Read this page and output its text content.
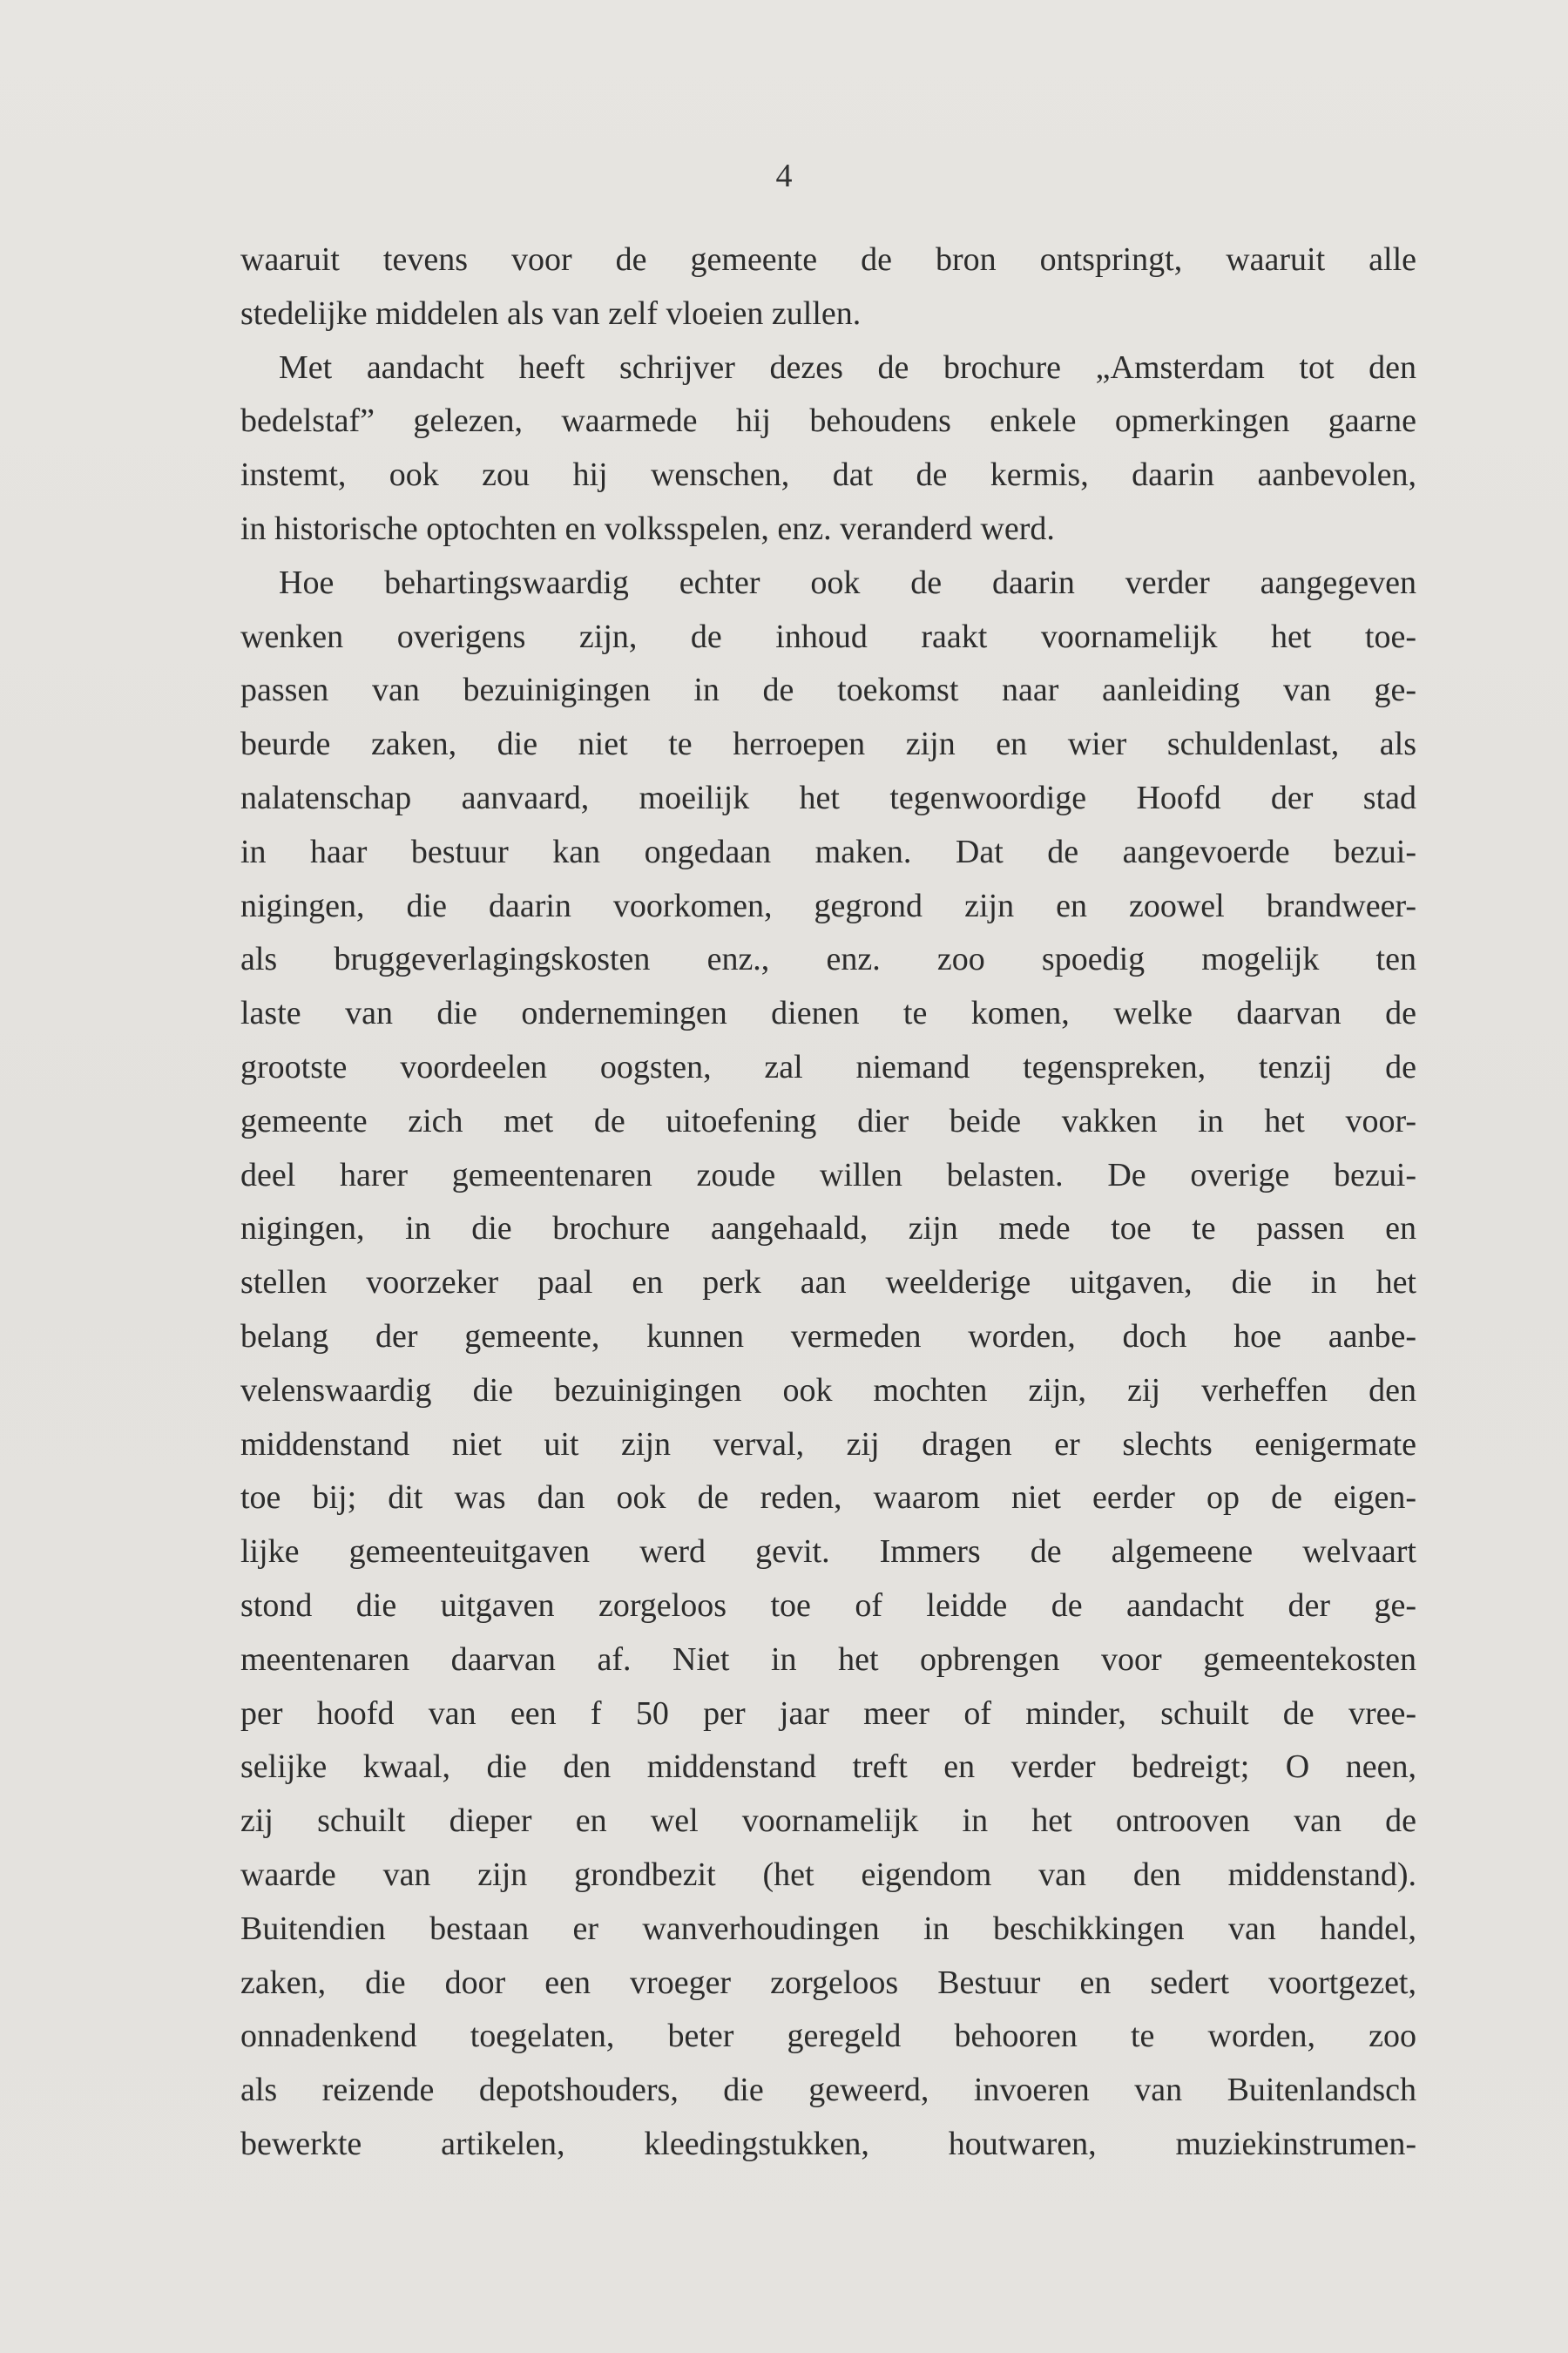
4
waaruit tevens voor de gemeente de bron ontspringt, waaruit alle
stedelijke middelen als van zelf vloeien zullen.
Met aandacht heeft schrijver dezes de brochure „Amsterdam tot den
bedelstaf” gelezen, waarmede hij behoudens enkele opmerkingen gaarne
instemt, ook zou hij wenschen, dat de kermis, daarin aanbevolen,
in historische optochten en volksspelen, enz. veranderd werd.
Hoe behartingswaardig echter ook de daarin verder aangegeven
wenken overigens zijn, de inhoud raakt voornamelijk het toe-
passen van bezuinigingen in de toekomst naar aanleiding van ge-
beurde zaken, die niet te herroepen zijn en wier schuldenlast, als
nalatenschap aanvaard, moeilijk het tegenwoordige Hoofd der stad
in haar bestuur kan ongedaan maken. Dat de aangevoerde bezui-
nigingen, die daarin voorkomen, gegrond zijn en zoowel brandweer-
als bruggeverlagingskosten enz., enz. zoo spoedig mogelijk ten
laste van die ondernemingen dienen te komen, welke daarvan de
grootste voordeelen oogsten, zal niemand tegenspreken, tenzij de
gemeente zich met de uitoefening dier beide vakken in het voor-
deel harer gemeentenaren zoude willen belasten. De overige bezui-
nigingen, in die brochure aangehaald, zijn mede toe te passen en
stellen voorzeker paal en perk aan weelderige uitgaven, die in het
belang der gemeente, kunnen vermeden worden, doch hoe aanbe-
velenswaardig die bezuinigingen ook mochten zijn, zij verheffen den
middenstand niet uit zijn verval, zij dragen er slechts eenigermate
toe bij; dit was dan ook de reden, waarom niet eerder op de eigen-
lijke gemeenteuitgaven werd gevit. Immers de algemeene welvaart
stond die uitgaven zorgeloos toe of leidde de aandacht der ge-
meentenaren daarvan af. Niet in het opbrengen voor gemeentekosten
per hoofd van een f 50 per jaar meer of minder, schuilt de vree-
selijke kwaal, die den middenstand treft en verder bedreigt; O neen,
zij schuilt dieper en wel voornamelijk in het ontrooven van de
waarde van zijn grondbezit (het eigendom van den middenstand).
Buitendien bestaan er wanverhoudingen in beschikkingen van handel,
zaken, die door een vroeger zorgeloos Bestuur en sedert voortgezet,
onnadenkend toegelaten, beter geregeld behooren te worden, zoo
als reizende depotshouders, die geweerd, invoeren van Buitenlandsch
bewerkte artikelen, kleedingstukken, houtwaren, muziekinstrumen-
